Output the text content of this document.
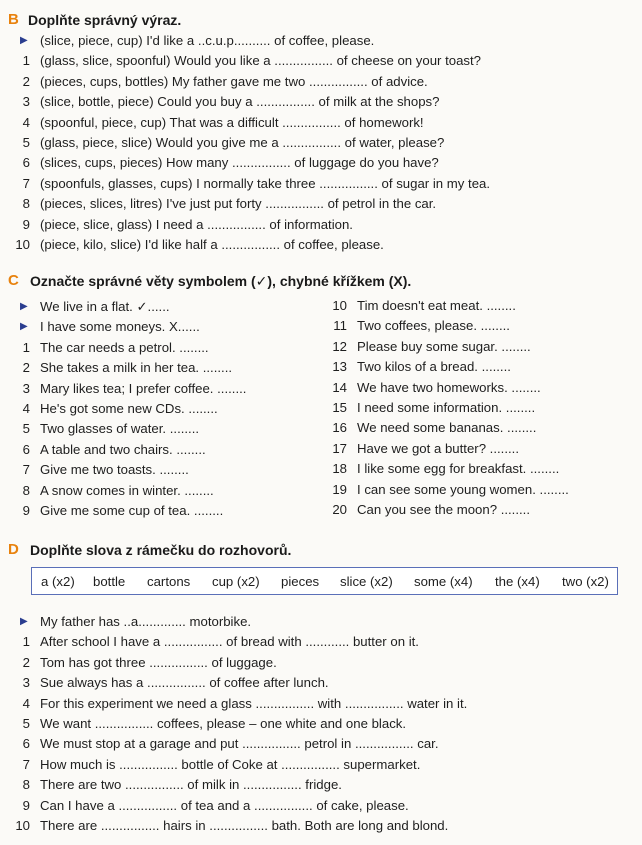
B Doplňte správný výraz.
▶ (slice, piece, cup) I'd like a ..c.u.p.......... of coffee, please.
1 (glass, slice, spoonful) Would you like a ................ of cheese on your toast?
2 (pieces, cups, bottles) My father gave me two ................ of advice.
3 (slice, bottle, piece) Could you buy a ................ of milk at the shops?
4 (spoonful, piece, cup) That was a difficult ................ of homework!
5 (glass, piece, slice) Would you give me a ................ of water, please?
6 (slices, cups, pieces) How many ................ of luggage do you have?
7 (spoonfuls, glasses, cups) I normally take three ................ of sugar in my tea.
8 (pieces, slices, litres) I've just put forty ................ of petrol in the car.
9 (piece, slice, glass) I need a ................ of information.
10 (piece, kilo, slice) I'd like half a ................ of coffee, please.
C Označte správné věty symbolem (✓), chybné křížkem (X).
▶ We live in a flat. ✓......
▶ I have some moneys. X......
1 The car needs a petrol. ........
2 She takes a milk in her tea. ........
3 Mary likes tea; I prefer coffee. ........
4 He's got some new CDs. ........
5 Two glasses of water. ........
6 A table and two chairs. ........
7 Give me two toasts. ........
8 A snow comes in winter. ........
9 Give me some cup of tea. ........
10 Tim doesn't eat meat. ........
11 Two coffees, please. ........
12 Please buy some sugar. ........
13 Two kilos of a bread. ........
14 We have two homeworks. ........
15 I need some information. ........
16 We need some bananas. ........
17 Have we got a butter? ........
18 I like some egg for breakfast. ........
19 I can see some young women. ........
20 Can you see the moon? ........
D Doplňte slova z rámečku do rozhovorů.
a (x2) bottle cartons cup (x2) pieces slice (x2) some (x4) the (x4) two (x2)
▶ My father has ..a............. motorbike.
1 After school I have a ................ of bread with ............ butter on it.
2 Tom has got three ................ of luggage.
3 Sue always has a ................ of coffee after lunch.
4 For this experiment we need a glass ................ with ................ water in it.
5 We want ................ coffees, please – one white and one black.
6 We must stop at a garage and put ................ petrol in ................ car.
7 How much is ................ bottle of Coke at ................ supermarket.
8 There are two ................ of milk in ................ fridge.
9 Can I have a ................ of tea and a ................ of cake, please.
10 There are ................ hairs in ................ bath. Both are long and blond.
